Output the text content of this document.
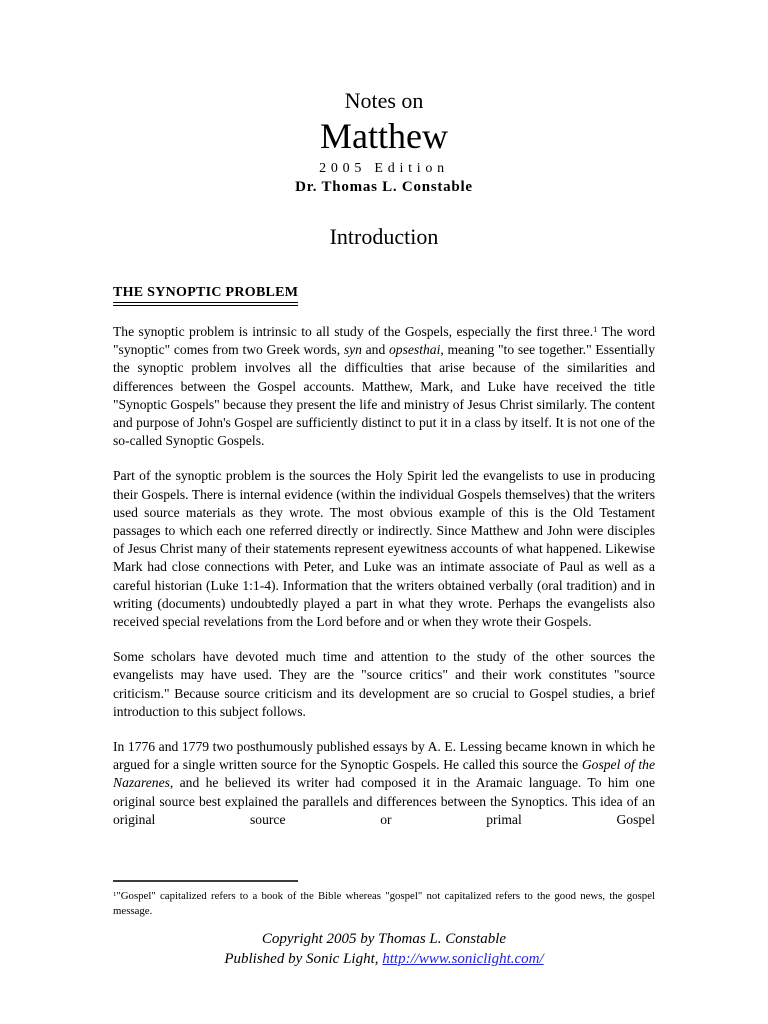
Notes on
Matthew
2005 Edition
Dr. Thomas L. Constable
Introduction
THE SYNOPTIC PROBLEM

The synoptic problem is intrinsic to all study of the Gospels, especially the first three.$^1$ The word "synoptic" comes from two Greek words, syn and opsesthai, meaning "to see together." Essentially the synoptic problem involves all the difficulties that arise because of the similarities and differences between the Gospel accounts. Matthew, Mark, and Luke have received the title "Synoptic Gospels" because they present the life and ministry of Jesus Christ similarly. The content and purpose of John's Gospel are sufficiently distinct to put it in a class by itself. It is not one of the so-called Synoptic Gospels.

Part of the synoptic problem is the sources the Holy Spirit led the evangelists to use in producing their Gospels. There is internal evidence (within the individual Gospels themselves) that the writers used source materials as they wrote. The most obvious example of this is the Old Testament passages to which each one referred directly or indirectly. Since Matthew and John were disciples of Jesus Christ many of their statements represent eyewitness accounts of what happened. Likewise Mark had close connections with Peter, and Luke was an intimate associate of Paul as well as a careful historian (Luke 1:1-4). Information that the writers obtained verbally (oral tradition) and in writing (documents) undoubtedly played a part in what they wrote. Perhaps the evangelists also received special revelations from the Lord before and or when they wrote their Gospels.

Some scholars have devoted much time and attention to the study of the other sources the evangelists may have used. They are the "source critics" and their work constitutes "source criticism." Because source criticism and its development are so crucial to Gospel studies, a brief introduction to this subject follows.

In 1776 and 1779 two posthumously published essays by A. E. Lessing became known in which he argued for a single written source for the Synoptic Gospels. He called this source the Gospel of the Nazarenes, and he believed its writer had composed it in the Aramaic language. To him one original source best explained the parallels and differences between the Synoptics. This idea of an original source or primal Gospel

$^1$"Gospel" capitalized refers to a book of the Bible whereas "gospel" not capitalized refers to the good news, the gospel message.
Copyright 2005 by Thomas L. Constable
Published by Sonic Light, http://www.soniclight.com/
